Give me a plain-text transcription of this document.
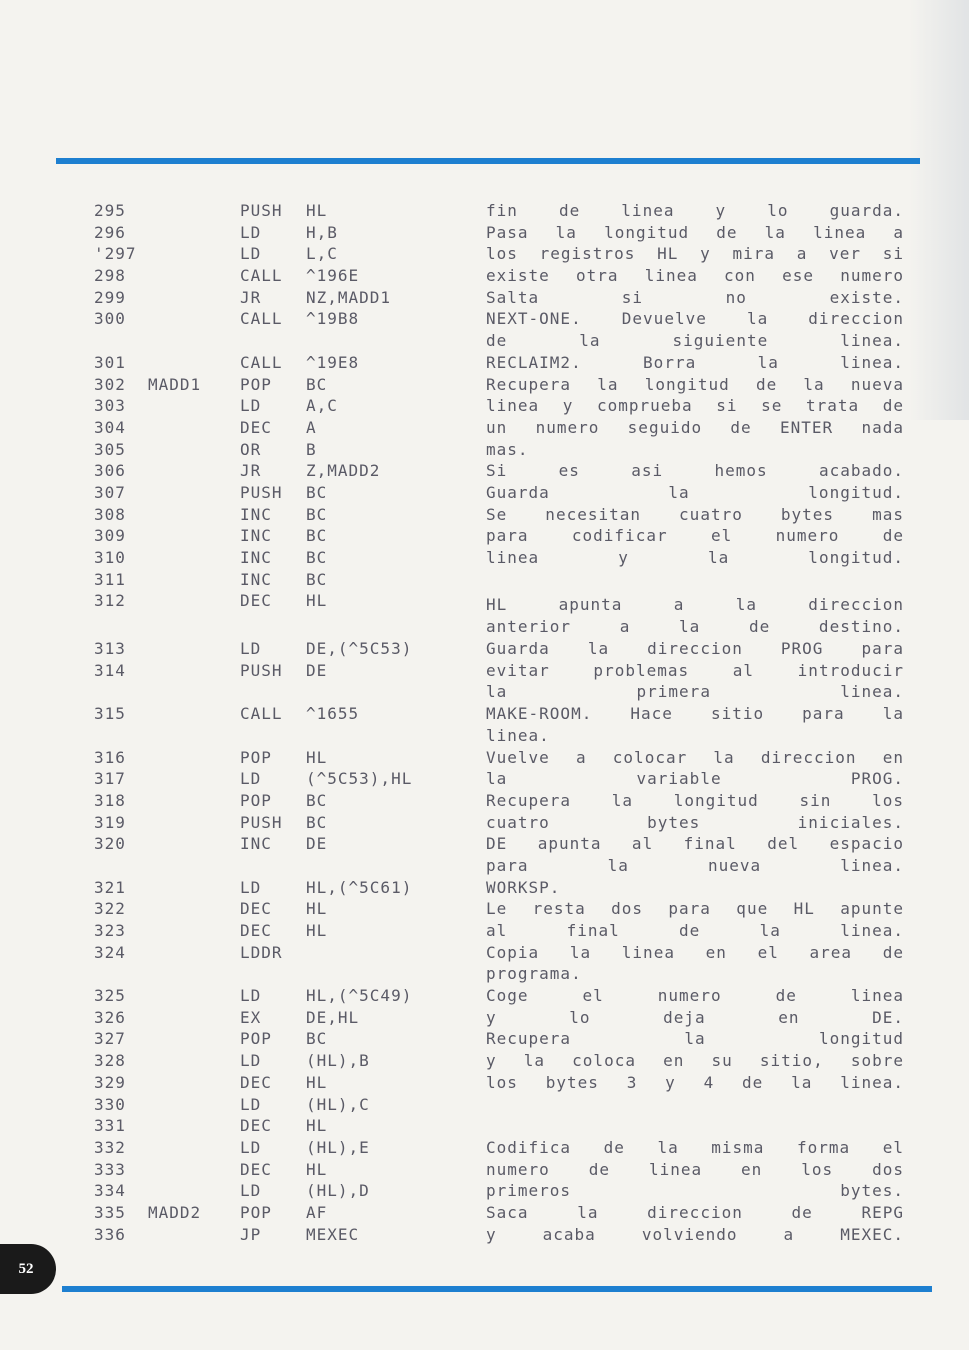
295	PUSH HL	fin de linea y lo guarda.
296	LD	H,B	Pasa la longitud de la linea a
'297	LD	L,C	los registros HL y mira a ver si
298	CALL ^196E	existe otra linea con ese numero
299	JR	NZ,MADD1	Salta si no existe.
300	CALL ^19B8	NEXT-ONE. Devuelve la direccion
de la siguiente linea.
301	CALL ^19E8	RECLAIM2. Borra la linea.
302 MADD1 POP BC	Recupera la longitud de la nueva
303	LD	A,C	linea y comprueba si se trata de
304	DEC A	un numero seguido de ENTER nada
305	OR	B	mas.
306	JR	Z,MADD2	Si es asi hemos acabado.
307	PUSH BC	Guarda la longitud.
308	INC BC	Se necesitan cuatro bytes mas
309	INC BC	para codificar el numero de
310	INC BC	linea y la longitud.
311	INC BC
312	DEC HL	HL apunta a la direccion
anterior a la de destino.
313	LD	DE,(^5C53)	Guarda la direccion PROG para
314	PUSH DE	evitar problemas al introducir
la primera linea.
315	CALL ^1655	MAKE-ROOM. Hace sitio para la
linea.
316	POP HL	Vuelve a colocar la direccion en
317	LD	(^5C53),HL	la variable PROG.
318	POP BC	Recupera la longitud sin los
319	PUSH BC	cuatro bytes iniciales.
320	INC DE	DE apunta al final del espacio
para la nueva linea.
321	LD	HL,(^5C61)	WORKSP.
322	DEC HL	Le resta dos para que HL apunte
323	DEC HL	al final de la linea.
324	LDDR	Copia la linea en el area de
programa.
325	LD	HL,(^5C49)	Coge el numero de linea
326	EX	DE,HL	y lo deja en DE.
327	POP BC	Recupera la longitud
328	LD	(HL),B	y la coloca en su sitio, sobre
329	DEC HL	los bytes 3 y 4 de la linea.
330	LD	(HL),C
331	DEC HL
332	LD	(HL),E	Codifica de la misma forma el
333	DEC HL	numero de linea en los dos
334	LD	(HL),D	primeros bytes.
335 MADD2 POP AF	Saca la direccion de REPG
336	JP	MEXEC	y acaba volviendo a MEXEC.
52
